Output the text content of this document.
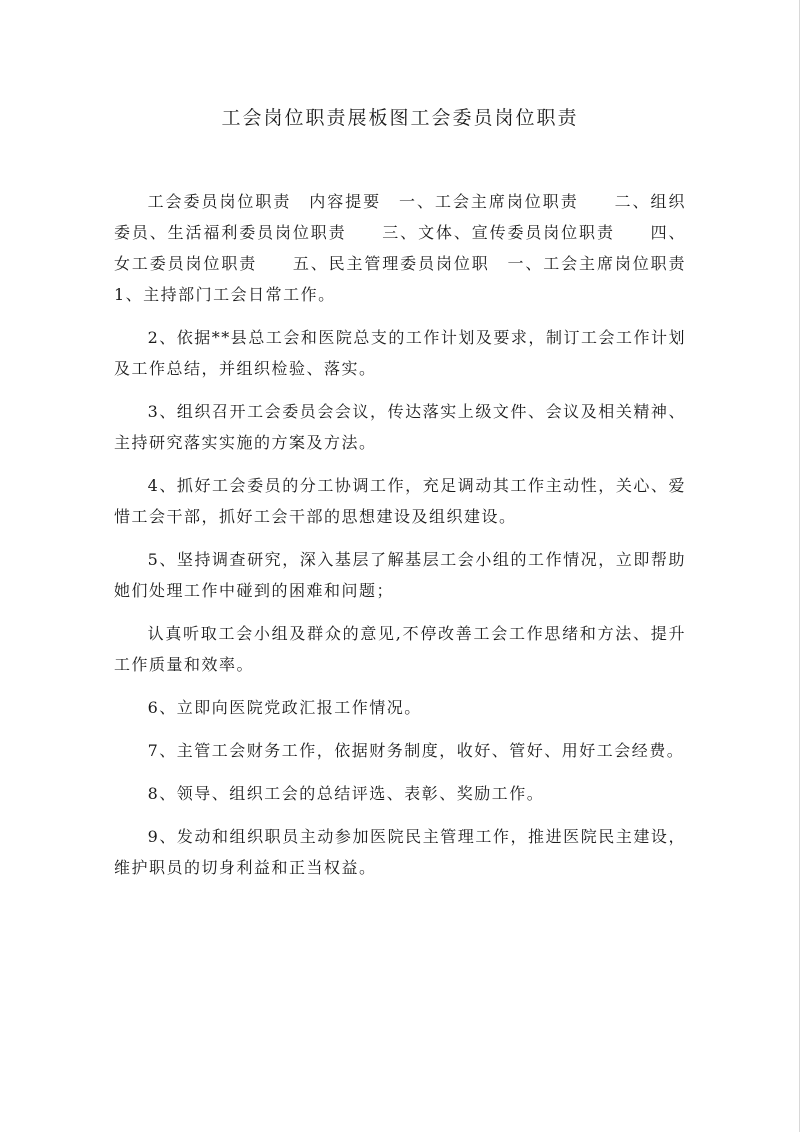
工会岗位职责展板图工会委员岗位职责

工会委员岗位职责　内容提要　一、工会主席岗位职责　　二、组织委员、生活福利委员岗位职责　　三、文体、宣传委员岗位职责　　四、女工委员岗位职责　　五、民主管理委员岗位职　一、工会主席岗位职责　　1、主持部门工会日常工作。

2、依据**县总工会和医院总支的工作计划及要求，制订工会工作计划及工作总结，并组织检验、落实。

3、组织召开工会委员会会议，传达落实上级文件、会议及相关精神、主持研究落实实施的方案及方法。

4、抓好工会委员的分工协调工作，充足调动其工作主动性，关心、爱惜工会干部，抓好工会干部的思想建设及组织建设。

5、坚持调查研究，深入基层了解基层工会小组的工作情况，立即帮助她们处理工作中碰到的困难和问题；

认真听取工会小组及群众的意见,不停改善工会工作思绪和方法、提升工作质量和效率。

6、立即向医院党政汇报工作情况。

7、主管工会财务工作，依据财务制度，收好、管好、用好工会经费。

8、领导、组织工会的总结评选、表彰、奖励工作。

9、发动和组织职员主动参加医院民主管理工作，推进医院民主建设，维护职员的切身利益和正当权益。
